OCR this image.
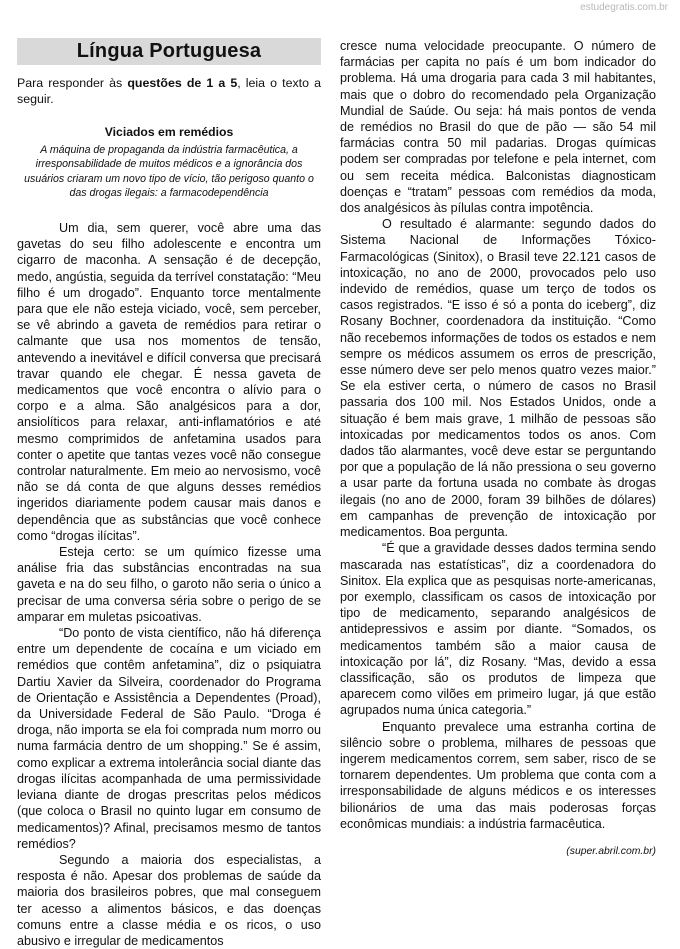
estudegratis.com.br
Língua Portuguesa

Para responder às questões de 1 a 5, leia o texto a seguir.

Viciados em remédios
A máquina de propaganda da indústria farmacêutica, a irresponsabilidade de muitos médicos e a ignorância dos usuários criaram um novo tipo de vício, tão perigoso quanto o das drogas ilegais: a farmacodependência

Um dia, sem querer, você abre uma das gavetas do seu filho adolescente e encontra um cigarro de maconha. A sensação é de decepção, medo, angústia, seguida da terrível constatação: “Meu filho é um drogado”. Enquanto torce mentalmente para que ele não esteja viciado, você, sem perceber, se vê abrindo a gaveta de remédios para retirar o calmante que usa nos momentos de tensão, antevendo a inevitável e difícil conversa que precisará travar quando ele chegar. É nessa gaveta de medicamentos que você encontra o alívio para o corpo e a alma. São analgésicos para a dor, ansiolíticos para relaxar, anti-inflamatórios e até mesmo comprimidos de anfetamina usados para conter o apetite que tantas vezes você não consegue controlar naturalmente. Em meio ao nervosismo, você não se dá conta de que alguns desses remédios ingeridos diariamente podem causar mais danos e dependência que as substâncias que você conhece como “drogas ilícitas”.

Esteja certo: se um químico fizesse uma análise fria das substâncias encontradas na sua gaveta e na do seu filho, o garoto não seria o único a precisar de uma conversa séria sobre o perigo de se amparar em muletas psicoativas.

“Do ponto de vista científico, não há diferença entre um dependente de cocaína e um viciado em remédios que contêm anfetamina”, diz o psiquiatra Dartiu Xavier da Silveira, coordenador do Programa de Orientação e Assistência a Dependentes (Proad), da Universidade Federal de São Paulo. “Droga é droga, não importa se ela foi comprada num morro ou numa farmácia dentro de um shopping.” Se é assim, como explicar a extrema intolerância social diante das drogas ilícitas acompanhada de uma permissividade leviana diante de drogas prescritas pelos médicos (que coloca o Brasil no quinto lugar em consumo de medicamentos)? Afinal, precisamos mesmo de tantos remédios?

Segundo a maioria dos especialistas, a resposta é não. Apesar dos problemas de saúde da maioria dos brasileiros pobres, que mal conseguem ter acesso a alimentos básicos, e das doenças comuns entre a classe média e os ricos, o uso abusivo e irregular de medicamentos

cresce numa velocidade preocupante. O número de farmácias per capita no país é um bom indicador do problema. Há uma drogaria para cada 3 mil habitantes, mais que o dobro do recomendado pela Organização Mundial de Saúde. Ou seja: há mais pontos de venda de remédios no Brasil do que de pão — são 54 mil farmácias contra 50 mil padarias. Drogas químicas podem ser compradas por telefone e pela internet, com ou sem receita médica. Balconistas diagnosticam doenças e “tratam” pessoas com remédios da moda, dos analgésicos às pílulas contra impotência.

O resultado é alarmante: segundo dados do Sistema Nacional de Informações Tóxico-Farmacológicas (Sinitox), o Brasil teve 22.121 casos de intoxicação, no ano de 2000, provocados pelo uso indevido de remédios, quase um terço de todos os casos registrados. “E isso é só a ponta do iceberg”, diz Rosany Bochner, coordenadora da instituição. “Como não recebemos informações de todos os estados e nem sempre os médicos assumem os erros de prescrição, esse número deve ser pelo menos quatro vezes maior.” Se ela estiver certa, o número de casos no Brasil passaria dos 100 mil. Nos Estados Unidos, onde a situação é bem mais grave, 1 milhão de pessoas são intoxicadas por medicamentos todos os anos. Com dados tão alarmantes, você deve estar se perguntando por que a população de lá não pressiona o seu governo a usar parte da fortuna usada no combate às drogas ilegais (no ano de 2000, foram 39 bilhões de dólares) em campanhas de prevenção de intoxicação por medicamentos. Boa pergunta.

“É que a gravidade desses dados termina sendo mascarada nas estatísticas”, diz a coordenadora do Sinitox. Ela explica que as pesquisas norte-americanas, por exemplo, classificam os casos de intoxicação por tipo de medicamento, separando analgésicos de antidepressivos e assim por diante. “Somados, os medicamentos também são a maior causa de intoxicação por lá”, diz Rosany. “Mas, devido a essa classificação, são os produtos de limpeza que aparecem como vilões em primeiro lugar, já que estão agrupados numa única categoria.”

Enquanto prevalece uma estranha cortina de silêncio sobre o problema, milhares de pessoas que ingerem medicamentos correm, sem saber, risco de se tornarem dependentes. Um problema que conta com a irresponsabilidade de alguns médicos e os interesses bilionários de uma das mais poderosas forças econômicas mundiais: a indústria farmacêutica.

(super.abril.com.br)
